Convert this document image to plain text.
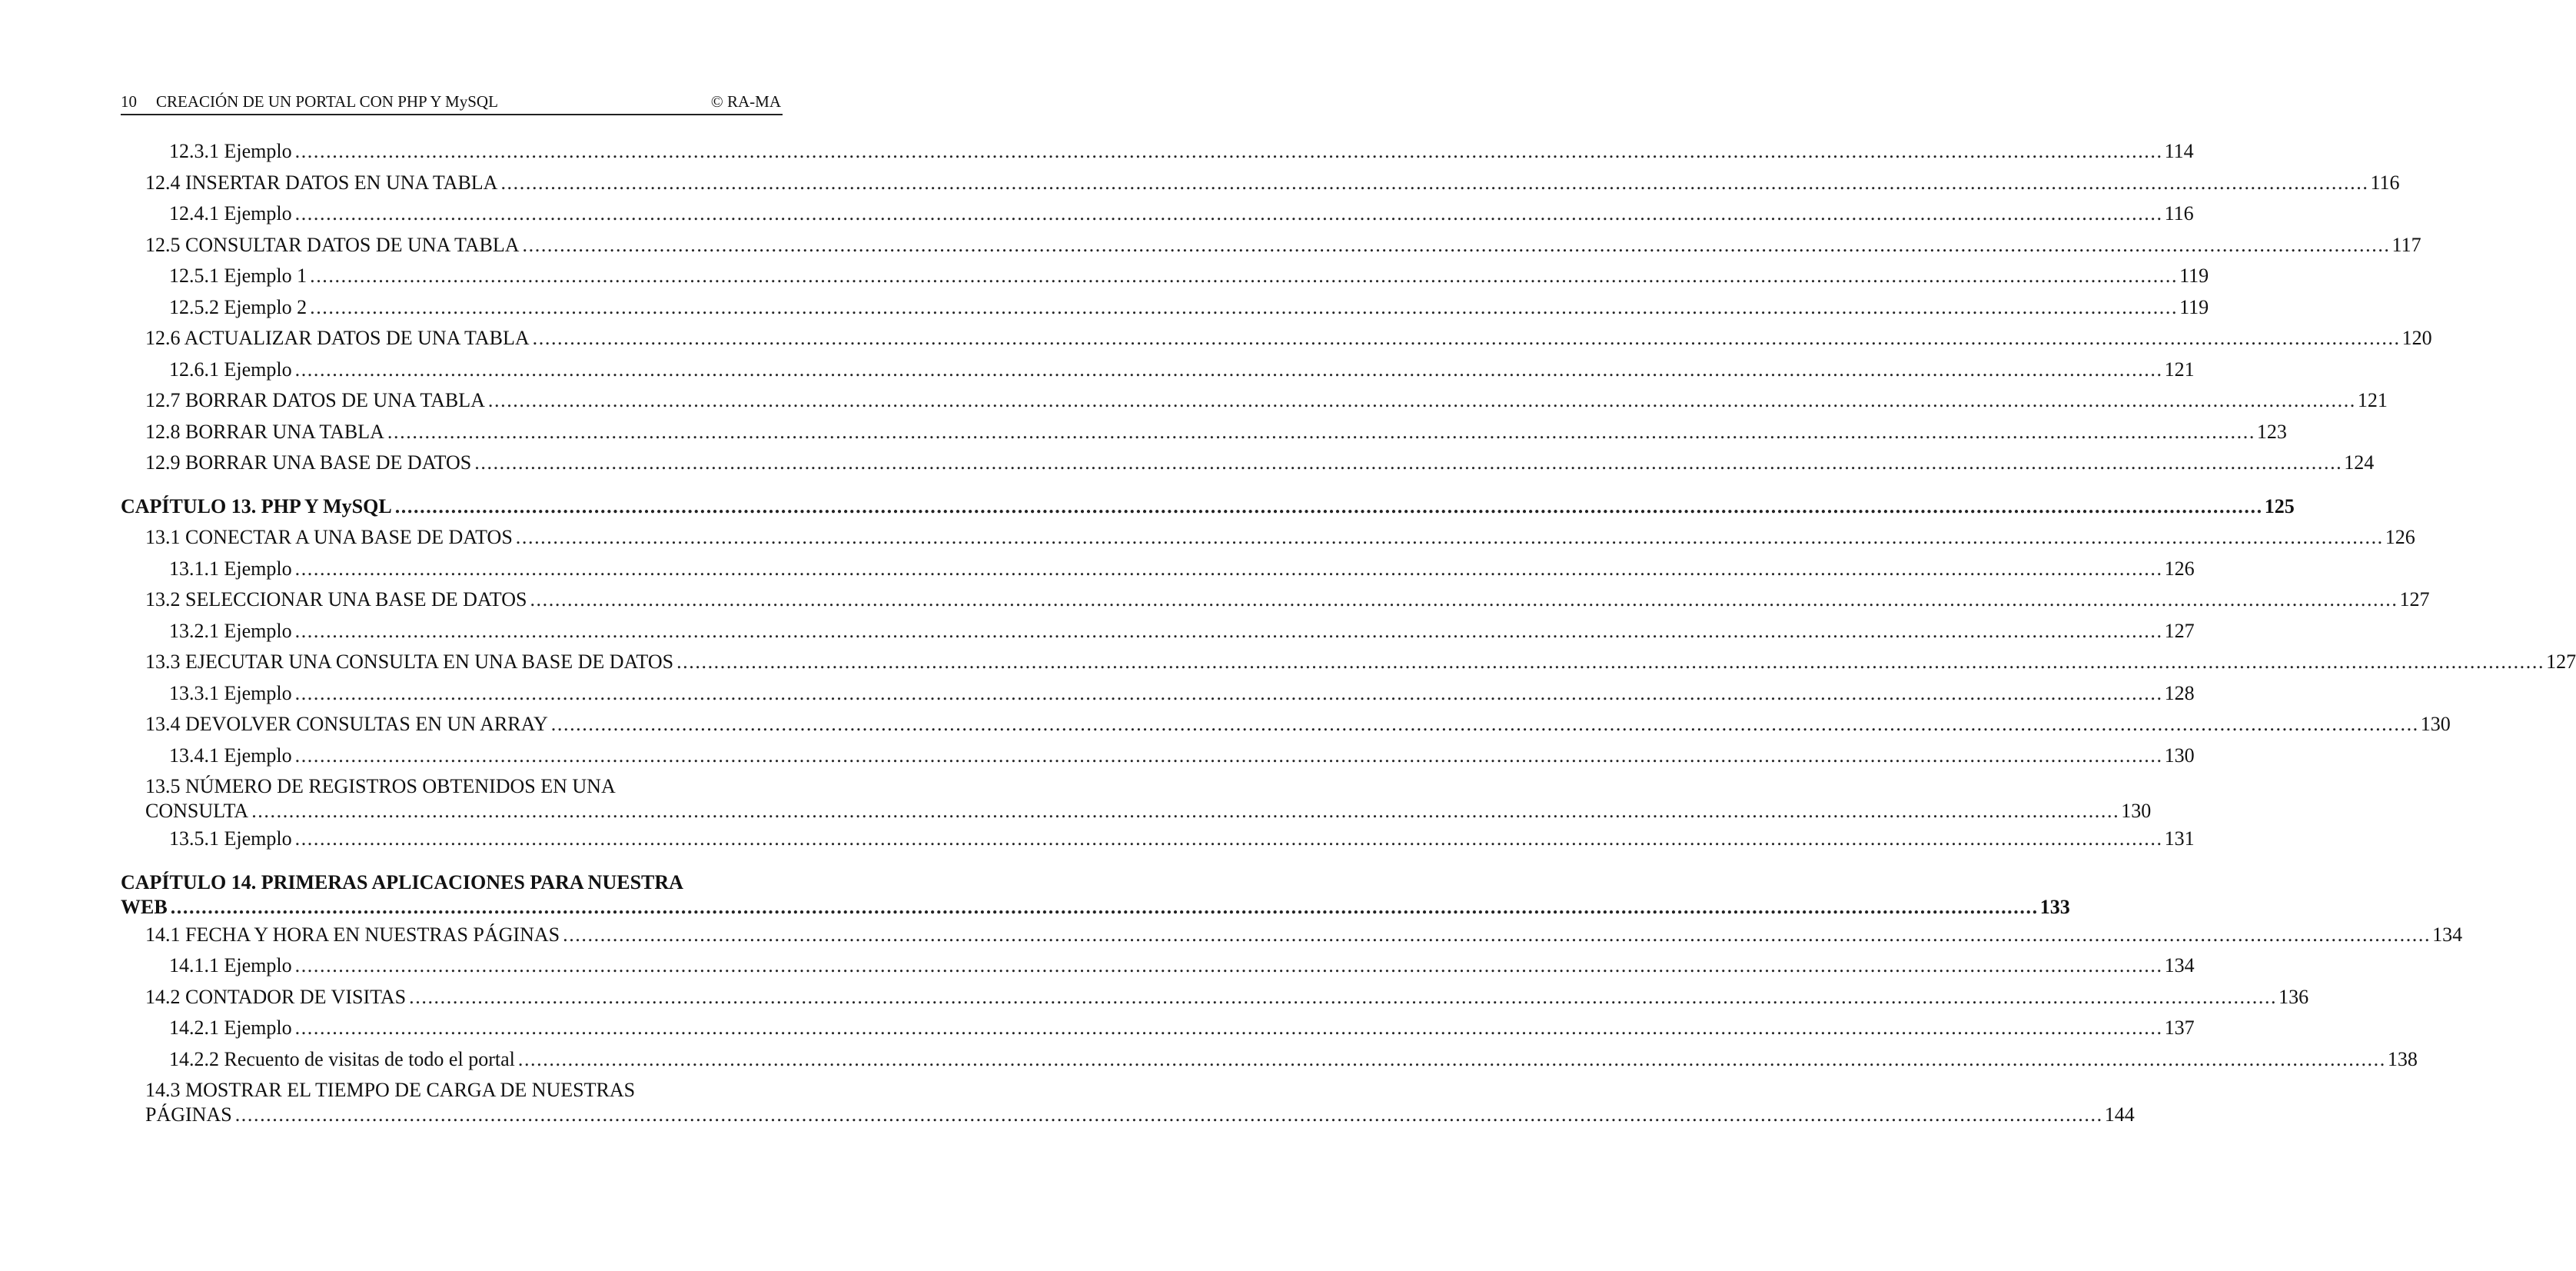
10 CREACIÓN DE UN PORTAL CON PHP Y MySQL	© RA-MA
12.3.1 Ejemplo ............................................................................................................................................................................................................................................................................................................ 114
12.4 INSERTAR DATOS EN UNA TABLA ............................................................................................................................................................................................................................................................................................................ 116
12.4.1 Ejemplo ............................................................................................................................................................................................................................................................................................................ 116
12.5 CONSULTAR DATOS DE UNA TABLA ............................................................................................................................................................................................................................................................................................................ 117
12.5.1 Ejemplo 1 ............................................................................................................................................................................................................................................................................................................ 119
12.5.2 Ejemplo 2 ............................................................................................................................................................................................................................................................................................................ 119
12.6 ACTUALIZAR DATOS DE UNA TABLA ............................................................................................................................................................................................................................................................................................................ 120
12.6.1 Ejemplo ............................................................................................................................................................................................................................................................................................................ 121
12.7 BORRAR DATOS DE UNA TABLA ............................................................................................................................................................................................................................................................................................................ 121
12.8 BORRAR UNA TABLA ............................................................................................................................................................................................................................................................................................................ 123
12.9 BORRAR UNA BASE DE DATOS ............................................................................................................................................................................................................................................................................................................ 124
CAPÍTULO 13. PHP Y MySQL ............................................................................................................................................................................................................................................................................................................ 125
13.1 CONECTAR A UNA BASE DE DATOS ............................................................................................................................................................................................................................................................................................................ 126
13.1.1 Ejemplo ............................................................................................................................................................................................................................................................................................................ 126
13.2 SELECCIONAR UNA BASE DE DATOS ............................................................................................................................................................................................................................................................................................................ 127
13.2.1 Ejemplo ............................................................................................................................................................................................................................................................................................................ 127
13.3 EJECUTAR UNA CONSULTA EN UNA BASE DE DATOS ............................................................................................................................................................................................................................................................................................................ 127
13.3.1 Ejemplo ............................................................................................................................................................................................................................................................................................................ 128
13.4 DEVOLVER CONSULTAS EN UN ARRAY ............................................................................................................................................................................................................................................................................................................ 130
13.4.1 Ejemplo ............................................................................................................................................................................................................................................................................................................ 130
13.5 NÚMERO DE REGISTROS OBTENIDOS EN UNA
CONSULTA ............................................................................................................................................................................................................................................................................................................ 130
13.5.1 Ejemplo ............................................................................................................................................................................................................................................................................................................ 131
CAPÍTULO 14. PRIMERAS APLICACIONES PARA NUESTRA
WEB ............................................................................................................................................................................................................................................................................................................ 133
14.1 FECHA Y HORA EN NUESTRAS PÁGINAS ............................................................................................................................................................................................................................................................................................................ 134
14.1.1 Ejemplo ............................................................................................................................................................................................................................................................................................................ 134
14.2 CONTADOR DE VISITAS ............................................................................................................................................................................................................................................................................................................ 136
14.2.1 Ejemplo ............................................................................................................................................................................................................................................................................................................ 137
14.2.2 Recuento de visitas de todo el portal ............................................................................................................................................................................................................................................................................................................ 138
14.3 MOSTRAR EL TIEMPO DE CARGA DE NUESTRAS
PÁGINAS ............................................................................................................................................................................................................................................................................................................ 144
